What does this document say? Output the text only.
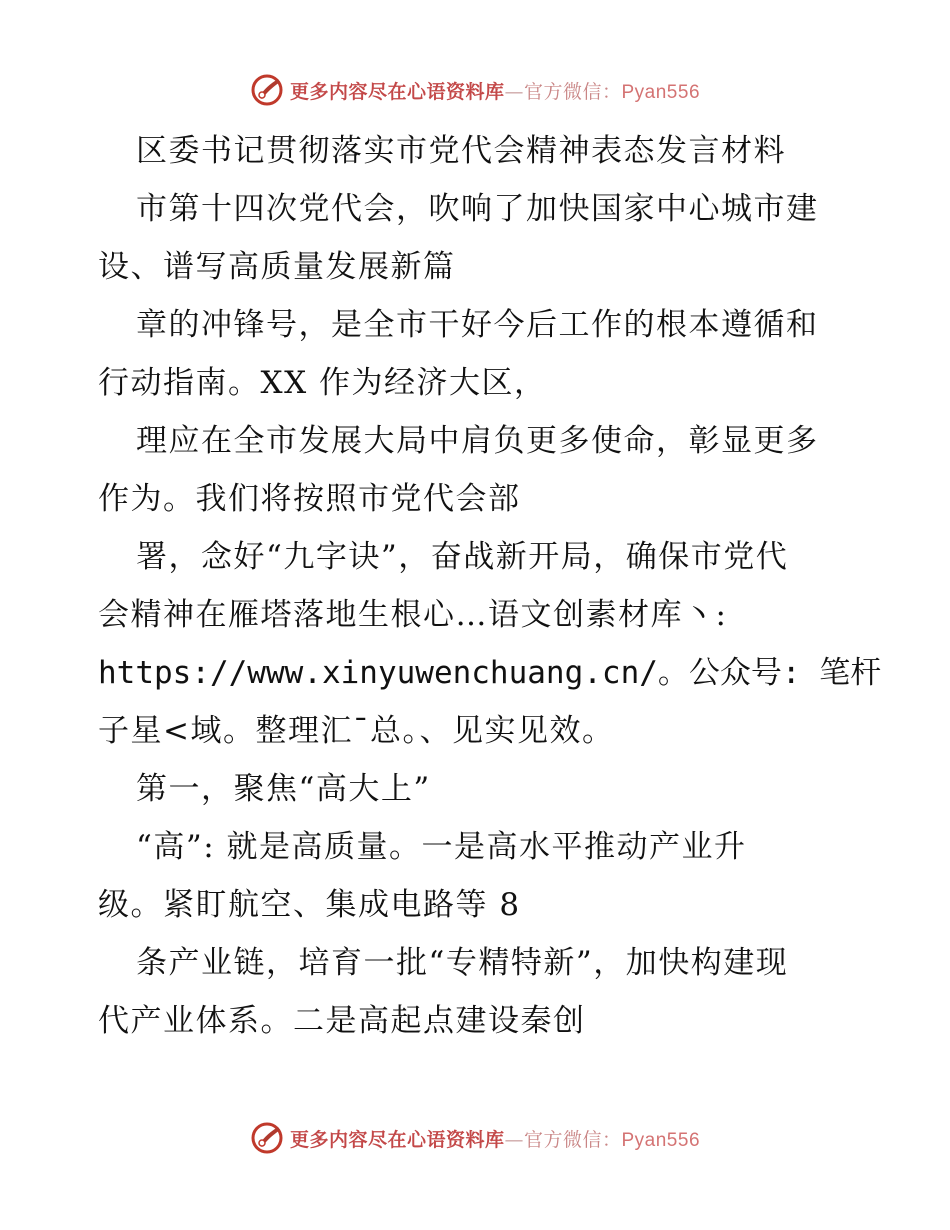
更多内容尽在心语资料库—官方微信：Pyan556
区委书记贯彻落实市党代会精神表态发言材料
市第十四次党代会，吹响了加快国家中心城市建
设、谱写高质量发展新篇
章的冲锋号，是全市干好今后工作的根本遵循和
行动指南。XX 作为经济大区，
理应在全市发展大局中肩负更多使命，彰显更多
作为。我们将按照市党代会部
署，念好“九字诀”，奋战新开局，确保市党代
会精神在雁塔落地生根心…语文创素材库丶:
https://www.xinyuwenchuang.cn/。公众号: 笔杆
子星<域。整理汇¯总。、见实见效。
第一，聚焦“高大上”
“高”: 就是高质量。一是高水平推动产业升
级。紧盯航空、集成电路等 8
条产业链，培育一批“专精特新”，加快构建现
代产业体系。二是高起点建设秦创
更多内容尽在心语资料库—官方微信：Pyan556
